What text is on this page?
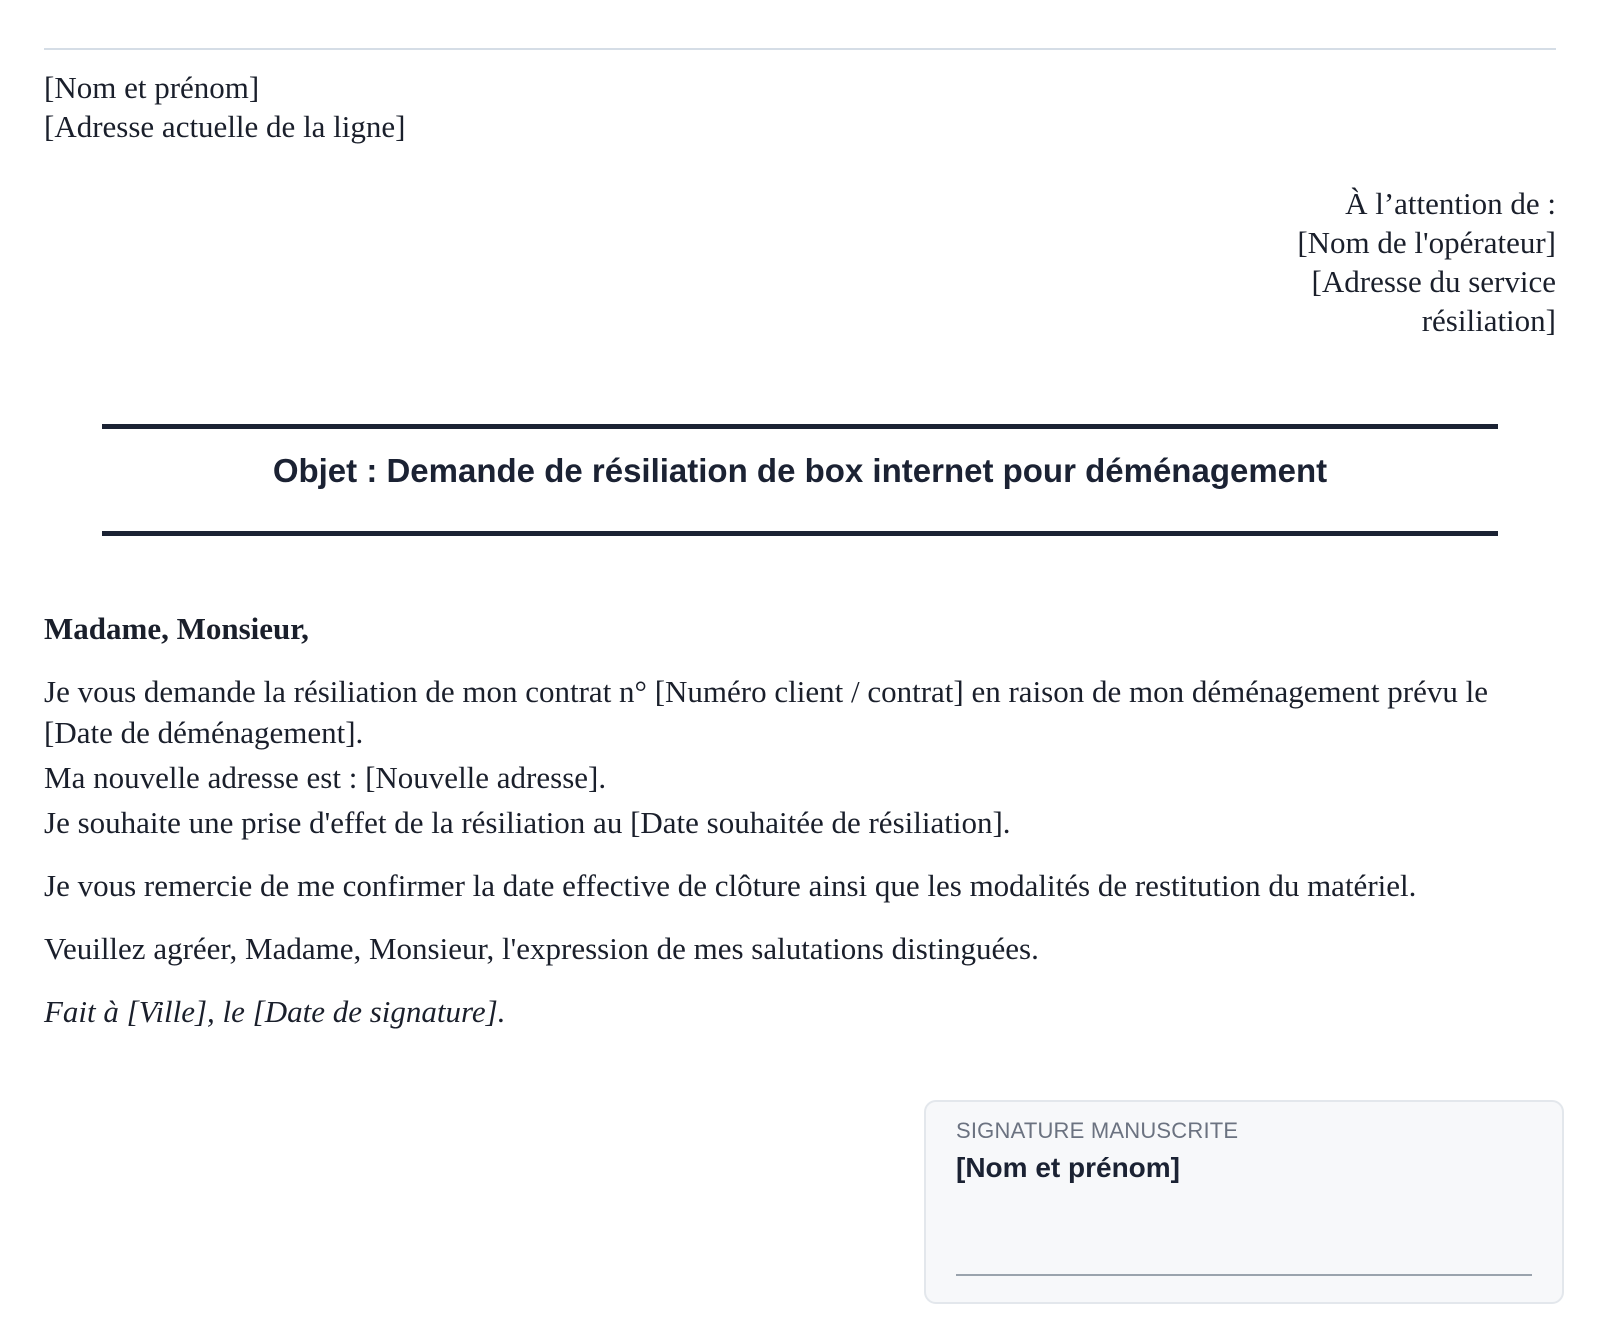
[Nom et prénom]
[Adresse actuelle de la ligne]
À l’attention de :
[Nom de l'opérateur]
[Adresse du service résiliation]
Objet : Demande de résiliation de box internet pour déménagement

Madame, Monsieur,

Je vous demande la résiliation de mon contrat n° [Numéro client / contrat] en raison de mon déménagement prévu le [Date de déménagement].

Ma nouvelle adresse est : [Nouvelle adresse].

Je souhaite une prise d'effet de la résiliation au [Date souhaitée de résiliation].

Je vous remercie de me confirmer la date effective de clôture ainsi que les modalités de restitution du matériel.

Veuillez agréer, Madame, Monsieur, l'expression de mes salutations distinguées.

Fait à [Ville], le [Date de signature].

SIGNATURE MANUSCRITE
[Nom et prénom]
